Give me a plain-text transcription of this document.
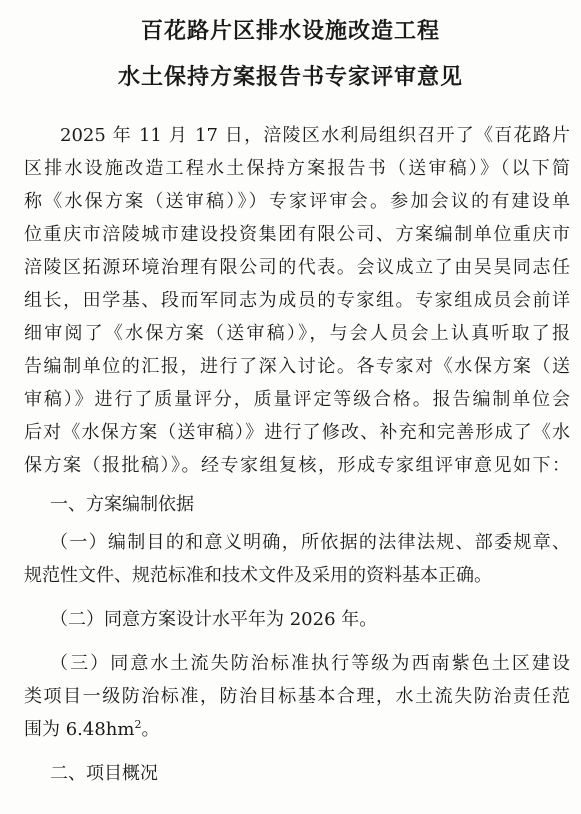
百花路片区排水设施改造工程
水土保持方案报告书专家评审意见
2025 年 11 月 17 日，涪陵区水利局组织召开了《百花路片
区排水设施改造工程水土保持方案报告书（送审稿）》（以下简
称《水保方案（送审稿）》）专家评审会。参加会议的有建设单
位重庆市涪陵城市建设投资集团有限公司、方案编制单位重庆市
涪陵区拓源环境治理有限公司的代表。会议成立了由吴昊同志任
组长，田学基、段而军同志为成员的专家组。专家组成员会前详
细审阅了《水保方案（送审稿）》，与会人员会上认真听取了报
告编制单位的汇报，进行了深入讨论。各专家对《水保方案（送
审稿）》进行了质量评分，质量评定等级合格。报告编制单位会
后对《水保方案（送审稿）》进行了修改、补充和完善形成了《水
保方案（报批稿）》。经专家组复核，形成专家组评审意见如下：
一、方案编制依据
（一）编制目的和意义明确，所依据的法律法规、部委规章、
规范性文件、规范标准和技术文件及采用的资料基本正确。
（二）同意方案设计水平年为 2026 年。
（三）同意水土流失防治标准执行等级为西南紫色土区建设
类项目一级防治标准，防治目标基本合理，水土流失防治责任范
围为 $6.48hm^2$。
二、项目概况
